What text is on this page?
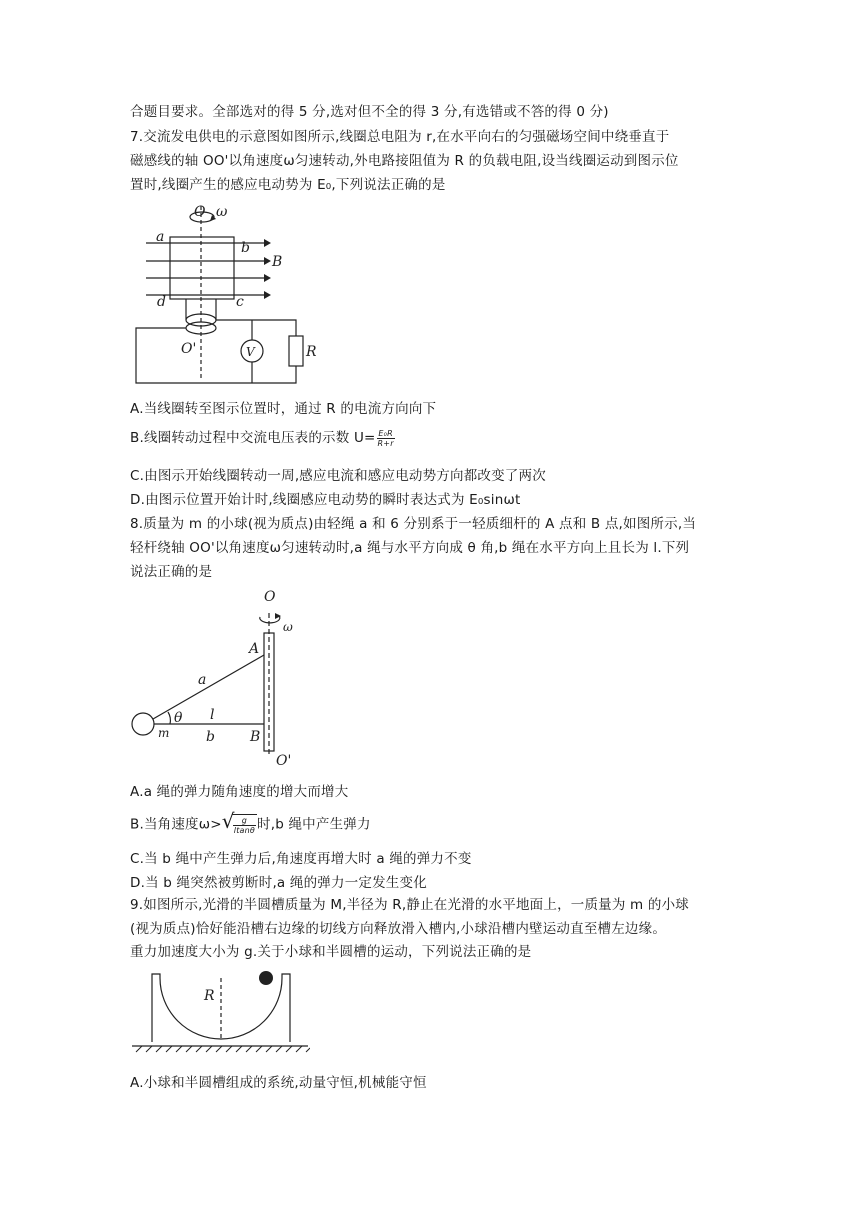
合题目要求。全部选对的得 5 分,选对但不全的得 3 分,有选错或不答的得 0 分)
7.交流发电供电的示意图如图所示,线圈总电阻为 r,在水平向右的匀强磁场空间中绕垂直于
磁感线的轴 OO'以角速度ω匀速转动,外电路接阻值为 R 的负载电阻,设当线圈运动到图示位
置时,线圈产生的感应电动势为 E₀,下列说法正确的是
O ω
a
b
B
c
d
O'	V	R
A.当线圈转至图示位置时，通过 R 的电流方向向下
B.线圈转动过程中交流电压表的示数 $U= \frac{\text{E₀R}}{R+r}$
C.由图示开始线圈转动一周,感应电流和感应电动势方向都改变了两次
D.由图示位置开始计时,线圈感应电动势的瞬时表达式为 E₀sinωt
8.质量为 m 的小球(视为质点)由轻绳 a 和 6 分别系于一轻质细杆的 A 点和 B 点,如图所示,当
轻杆绕轴 OO'以角速度ω匀速转动时,a 绳与水平方向成 θ 角,b 绳在水平方向上且长为 l.下列
说法正确的是
O
ω
A
a
θ l
m	b	B
O'
A.a 绳的弹力随角速度的增大而增大
B.当角速度ω> √
$\frac{g}{ltan\theta}$ 时,b 绳中产生弹力
C.当 b 绳中产生弹力后,角速度再增大时 a 绳的弹力不变
D.当 b 绳突然被剪断时,a 绳的弹力一定发生变化
9.如图所示,光滑的半圆槽质量为 M,半径为 R,静止在光滑的水平地面上，一质量为 m 的小球
(视为质点)恰好能沿槽右边缘的切线方向释放滑入槽内,小球沿槽内壁运动直至槽左边缘。
重力加速度大小为 g.关于小球和半圆槽的运动，下列说法正确的是
R
A.小球和半圆槽组成的系统,动量守恒,机械能守恒
